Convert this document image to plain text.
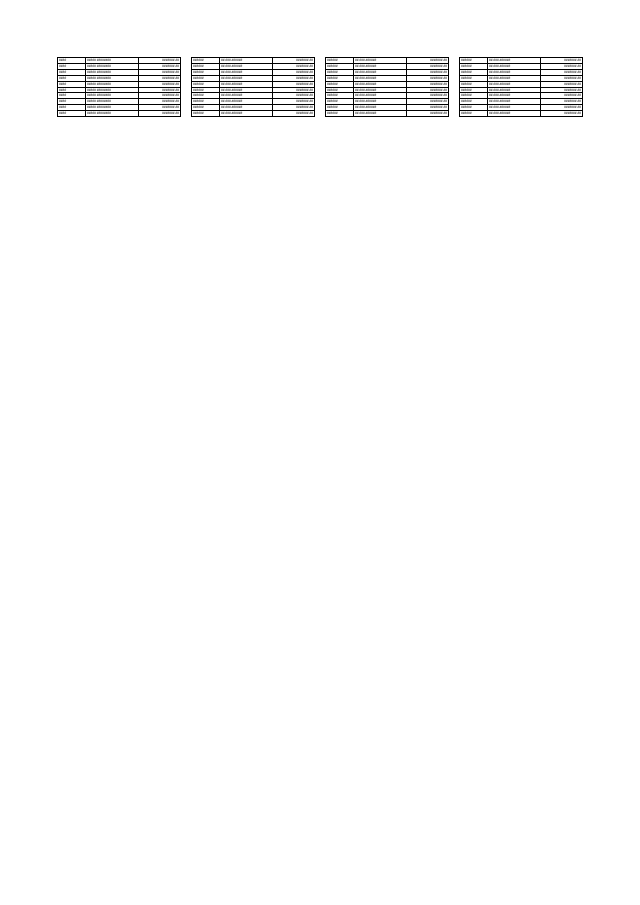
####	##### ########	#######.##
####	##### ########	#######.##
####	##### ########	#######.##
####	##### ########	#######.##
####	##### ########	#######.##
####	##### ########	#######.##
####	##### ########	#######.##
####	##### ########	#######.##
####	##### ########	#######.##
####	##### ########	#######.##
######	##.###.######	#######.##
######	##.###.######	#######.##
######	##.###.######	#######.##
######	##.###.######	#######.##
######	##.###.######	#######.##
######	##.###.######	#######.##
######	##.###.######	#######.##
######	##.###.######	#######.##
######	##.###.######	#######.##
######	##.###.######	#######.##
######	##.###.######	#######.##
######	##.###.######	#######.##
######	##.###.######	#######.##
######	##.###.######	#######.##
######	##.###.######	#######.##
######	##.###.######	#######.##
######	##.###.######	#######.##
######	##.###.######	#######.##
######	##.###.######	#######.##
######	##.###.######	#######.##
######	##.###.######	#######.##
######	##.###.######	#######.##
######	##.###.######	#######.##
######	##.###.######	#######.##
######	##.###.######	#######.##
######	##.###.######	#######.##
######	##.###.######	#######.##
######	##.###.######	#######.##
######	##.###.######	#######.##
######	##.###.######	#######.##
